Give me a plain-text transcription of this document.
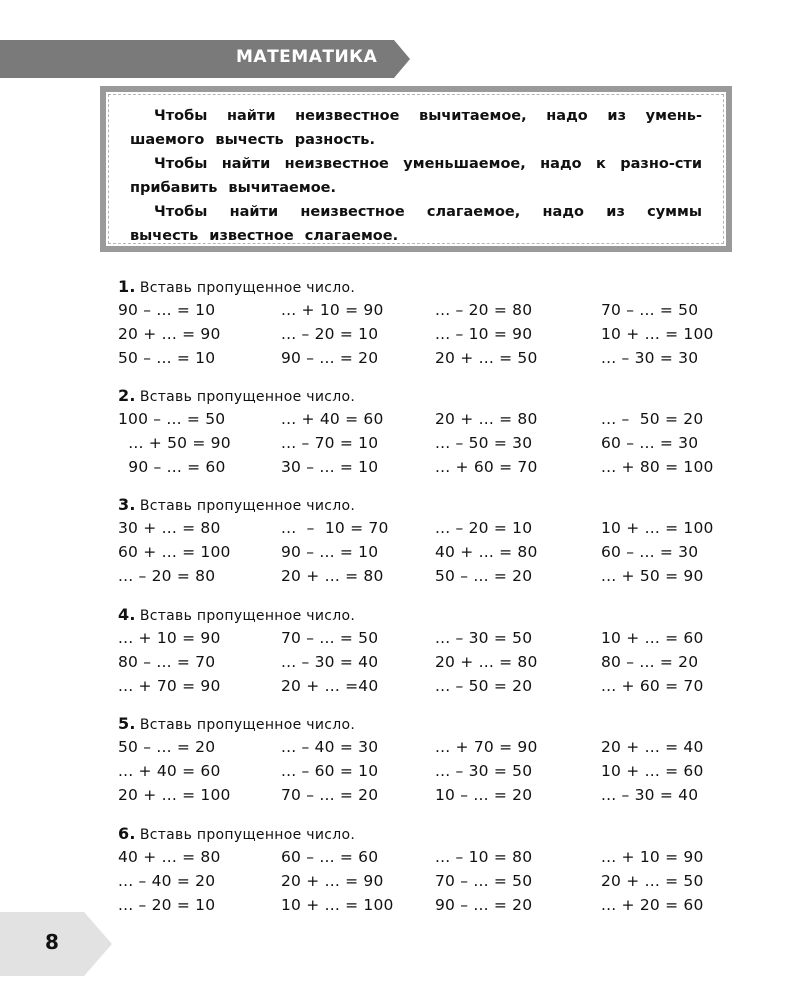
МАТЕМАТИКА

Чтобы найти неизвестное вычитаемое, надо из умень-шаемого вычесть разность.

Чтобы найти неизвестное уменьшаемое, надо к разно-сти прибавить вычитаемое.

Чтобы найти неизвестное слагаемое, надо из суммы вычесть известное слагаемое.

1. Вставь пропущенное число.
90 – ... = 10	... + 10 = 90	... – 20 = 80	70 – ... = 50
20 + ... = 90	... – 20 = 10	... – 10 = 90	10 + ... = 100
50 – ... = 10	90 – ... = 20	20 + ... = 50	... – 30 = 30
2. Вставь пропущенное число.
100 – ... = 50	... + 40 = 60	20 + ... = 80	... –  50 = 20
... + 50 = 90	... – 70 = 10	... – 50 = 30	60 – ... = 30
90 – ... = 60	30 – ... = 10	... + 60 = 70	... + 80 = 100
3. Вставь пропущенное число.
30 + ... = 80	...  –  10 = 70	... – 20 = 10	10 + ... = 100
60 + ... = 100	90 – ... = 10	40 + ... = 80	60 – ... = 30
... – 20 = 80	20 + ... = 80	50 – ... = 20	... + 50 = 90
4. Вставь пропущенное число.
... + 10 = 90	70 – ... = 50	... – 30 = 50	10 + ... = 60
80 – ... = 70	... – 30 = 40	20 + ... = 80	80 – ... = 20
... + 70 = 90	20 + ... =40	... – 50 = 20	... + 60 = 70
5. Вставь пропущенное число.
50 – ... = 20	... – 40 = 30	... + 70 = 90	20 + ... = 40
... + 40 = 60	... – 60 = 10	... – 30 = 50	10 + ... = 60
20 + ... = 100	70 – ... = 20	10 – ... = 20	... – 30 = 40
6. Вставь пропущенное число.
40 + ... = 80	60 – ... = 60	... – 10 = 80	... + 10 = 90
... – 40 = 20	20 + ... = 90	70 – ... = 50	20 + ... = 50
... – 20 = 10	10 + ... = 100	90 – ... = 20	... + 20 = 60
8
